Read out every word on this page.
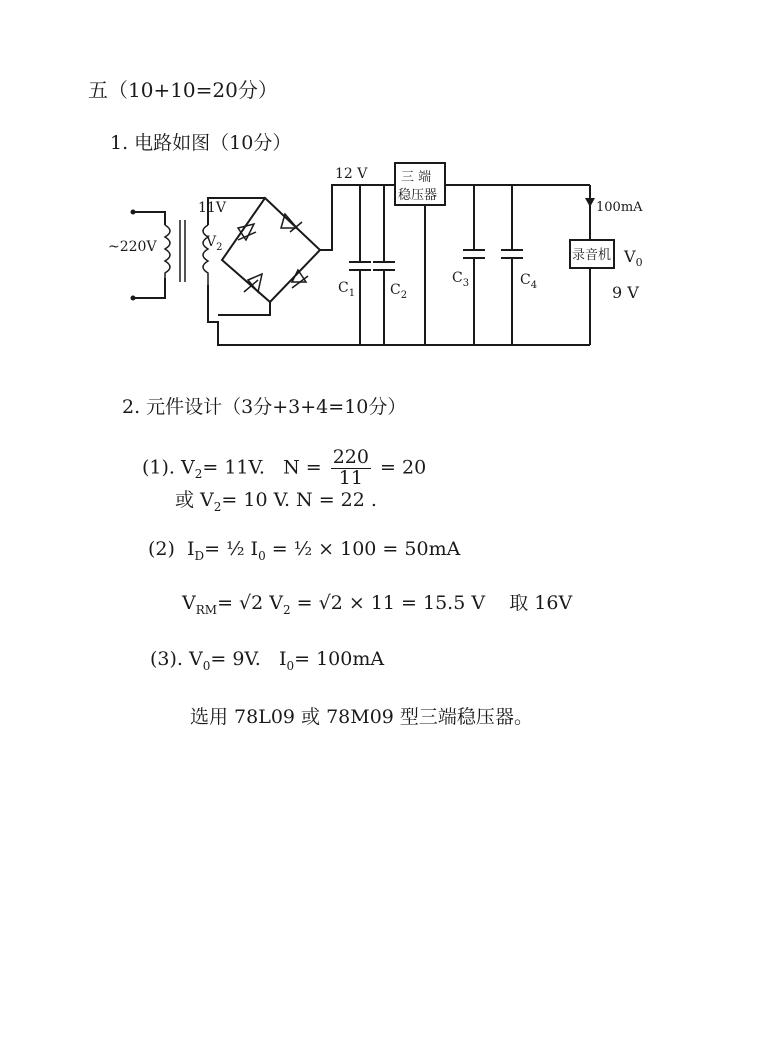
五（10+10=20分）
1. 电路如图（10分）
~220V
11V
$V_2$
12 V
$C_1$ $C_2$
三 端
稳压器
$C_3$	$C_4$
100mA
录音机 $V_0$
9 V
2. 元件设计（3分+3+4=10分）
(1). $V_2= 11V$. $N = \frac{220}{11} = 20$
或 $V_2= 10$ V. N = 22 .
(2)  $I_D=$ ½ $I_0$ = ½ × 100 = 50mA
$V_{RM}= √2$ $V_2 = √2 \times 11 = 15.5$ V 取 16V
(3). $V_0= 9V$.   $I_0= 100mA$
选用 78L09 或 78M09 型三端稳压器。
